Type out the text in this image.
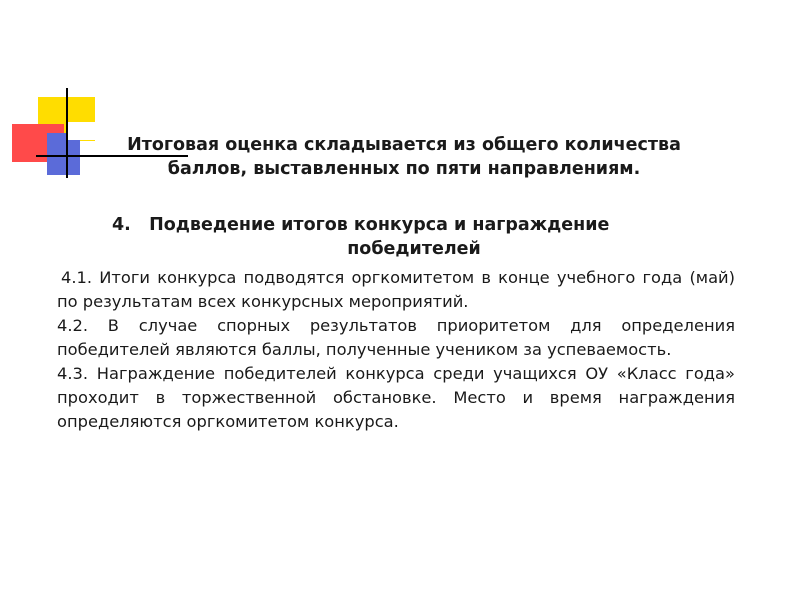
Итоговая оценка складывается из общего количества
баллов, выставленных по пяти направлениям.
4.   Подведение итогов конкурса и награждение
победителей

4.1. Итоги конкурса подводятся оргкомитетом в конце учебного года (май) по результатам всех конкурсных мероприятий.

4.2. В случае спорных результатов приоритетом для определения победителей являются баллы, полученные учеником за успеваемость.

4.3. Награждение победителей конкурса среди учащихся ОУ «Класс года» проходит в торжественной обстановке. Место и время награждения определяются оргкомитетом конкурса.
